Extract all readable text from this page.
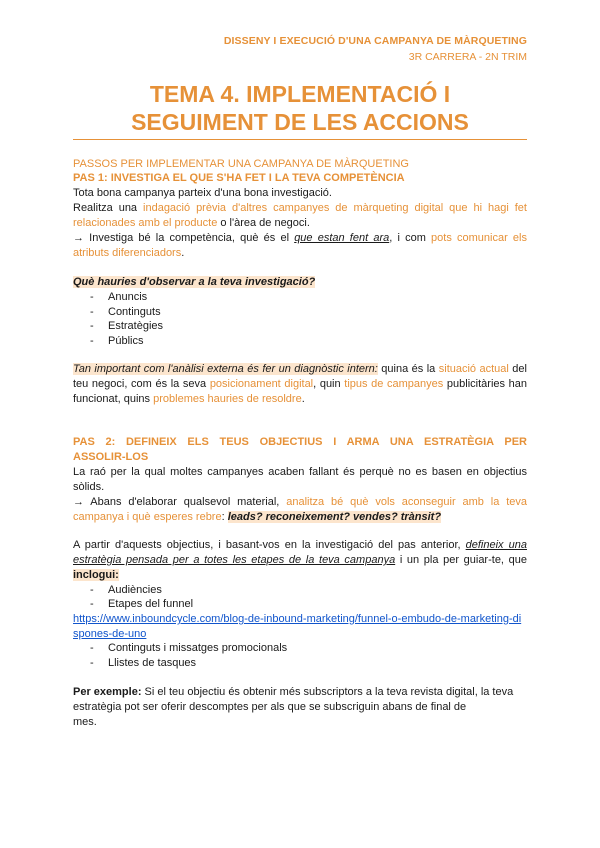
DISSENY I EXECUCIÓ D'UNA CAMPANYA DE MÀRQUETING
3R CARRERA - 2N TRIM
TEMA 4. IMPLEMENTACIÓ I
SEGUIMENT DE LES ACCIONS
PASSOS PER IMPLEMENTAR UNA CAMPANYA DE MÀRQUETING
PAS 1: INVESTIGA EL QUE S'HA FET I LA TEVA COMPETÈNCIA
Tota bona campanya parteix d'una bona investigació.
Realitza una indagació prèvia d'altres campanyes de màrqueting digital que hi hagi fet
relacionades amb el producte o l'àrea de negoci.
→ Investiga bé la competència, què és el que estan fent ara, i com pots comunicar els
atributs diferenciadors.
Què hauries d'observar a la teva investigació?
- Anuncis
- Continguts
- Estratègies
- Públics
Tan important com l'anàlisi externa és fer un diagnòstic intern: quina és la situació actual del
teu negoci, com és la seva posicionament digital, quin tipus de campanyes publicitàries han
funcionat, quins problemes hauries de resoldre.
PAS 2: DEFINEIX ELS TEUS OBJECTIUS I ARMA UNA ESTRATÈGIA PER
ASSOLIR-LOS
La raó per la qual moltes campanyes acaben fallant és perquè no es basen en objectius
sòlids.
→ Abans d'elaborar qualsevol material, analitza bé què vols aconseguir amb la teva
campanya i què esperes rebre: leads? reconeixement? vendes? trànsit?
A partir d'aquests objectius, i basant-vos en la investigació del pas anterior, defineix una
estratègia pensada per a totes les etapes de la teva campanya i un pla per guiar-te, que
inclogui:
- Audiències
- Etapes del funnel
https://www.inboundcycle.com/blog-de-inbound-marketing/funnel-o-embudo-de-marketing-di
spones-de-uno
- Continguts i missatges promocionals
- Llistes de tasques
Per exemple: Si el teu objectiu és obtenir més subscriptors a la teva revista digital, la teva
estratègia pot ser oferir descomptes per als que se subscriguin abans de final de
mes.
